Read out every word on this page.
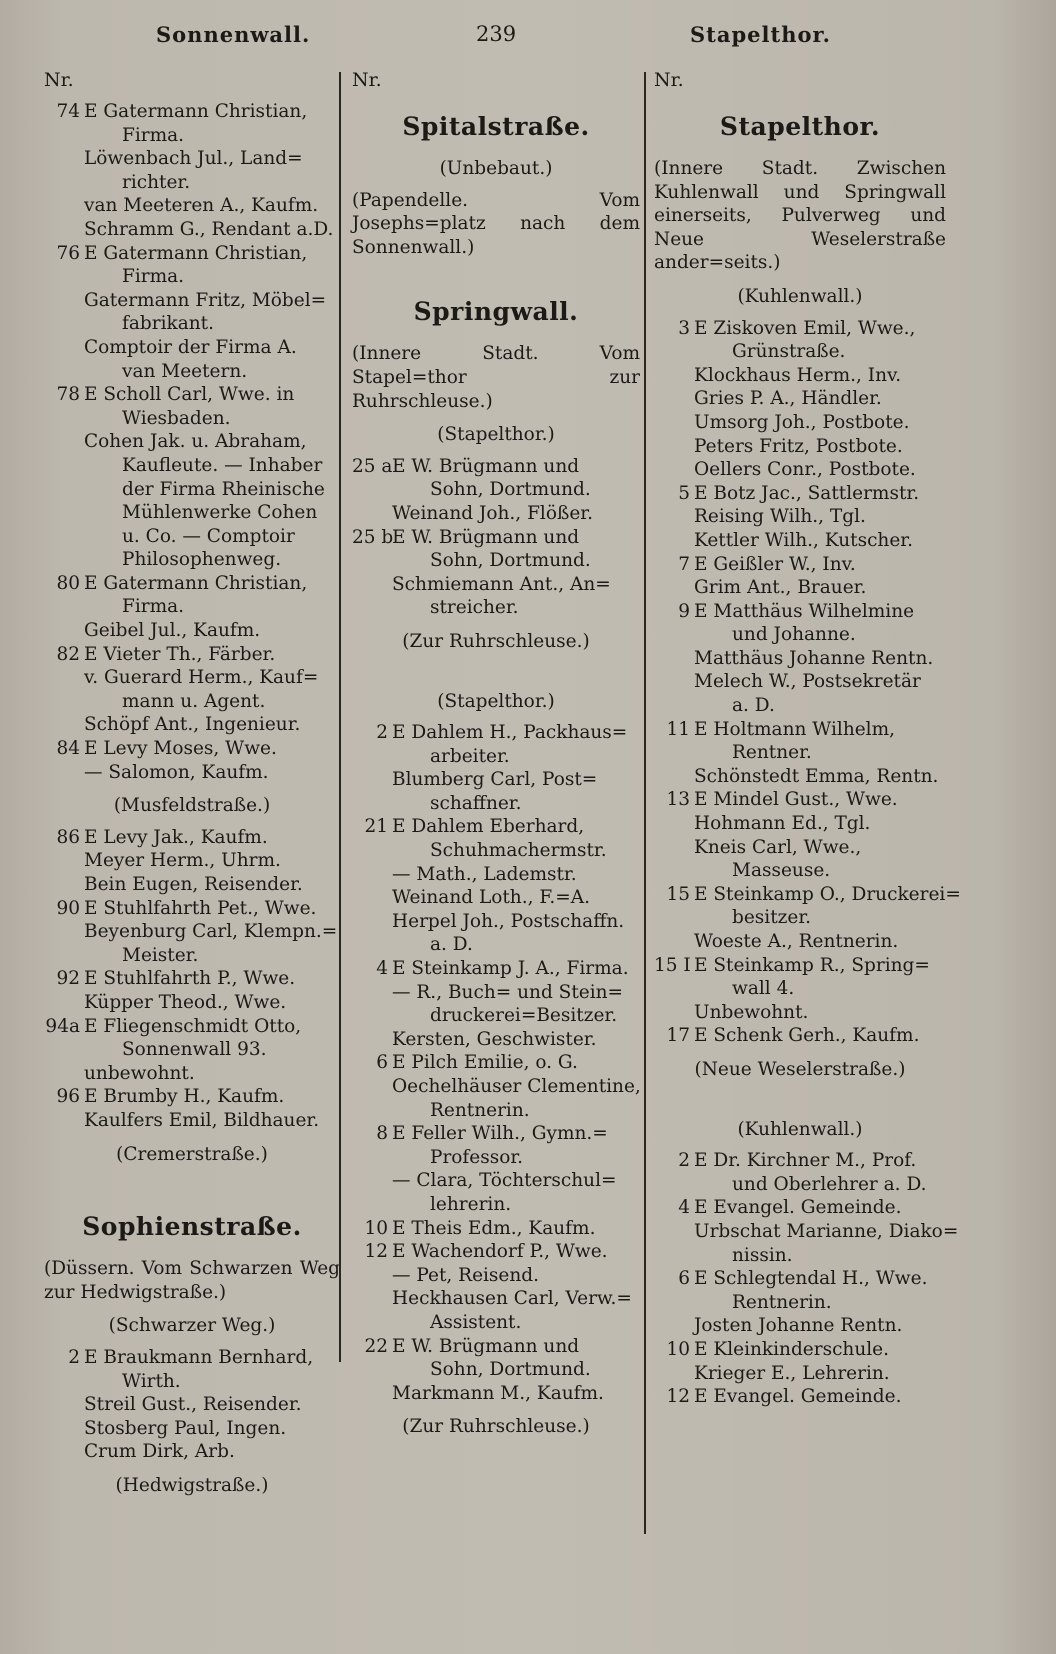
Sonnenwall.	239	Stapelthor.
Nr.
74 E Gatermann Christian,
Firma.
Löwenbach Jul., Land=
richter.
van Meeteren A., Kaufm.
Schramm G., Rendant a.D.
76 E Gatermann Christian,
Firma.
Gatermann Fritz, Möbel=
fabrikant.
Comptoir der Firma A.
van Meetern.
78 E Scholl Carl, Wwe. in
Wiesbaden.
Cohen Jak. u. Abraham,
Kaufleute. — Inhaber
der Firma Rheinische
Mühlenwerke Cohen
u. Co. — Comptoir
Philosophenweg.
80 E Gatermann Christian,
Firma.
Geibel Jul., Kaufm.
82 E Vieter Th., Färber.
v. Guerard Herm., Kauf=
mann u. Agent.
Schöpf Ant., Ingenieur.
84 E Levy Moses, Wwe.
— Salomon, Kaufm.
(Musfeldstraße.)
86 E Levy Jak., Kaufm.
Meyer Herm., Uhrm.
Bein Eugen, Reisender.
90 E Stuhlfahrth Pet., Wwe.
Beyenburg Carl, Klempn.=
Meister.
92 E Stuhlfahrth P., Wwe.
Küpper Theod., Wwe.
94a E Fliegenschmidt Otto,
Sonnenwall 93.
unbewohnt.
96 E Brumby H., Kaufm.
Kaulfers Emil, Bildhauer.
(Cremerstraße.)
Sophienstraße.
(Düssern. Vom Schwarzen Weg zur Hedwigstraße.)
(Schwarzer Weg.)
2 E Braukmann Bernhard,
Wirth.
Streil Gust., Reisender.
Stosberg Paul, Ingen.
Crum Dirk, Arb.
(Hedwigstraße.)
Nr.
Spitalstraße.
(Unbebaut.)
(Papendelle. Vom Josephs=platz nach dem Sonnenwall.)
Springwall.
(Innere Stadt. Vom Stapel=thor zur Ruhrschleuse.)
(Stapelthor.)
25 a E W. Brügmann und
Sohn, Dortmund.
Weinand Joh., Flößer.
25 b
E W. Brügmann und
Sohn, Dortmund.
Schmiemann Ant., An=
streicher.
(Zur Ruhrschleuse.)
(Stapelthor.)
2 E Dahlem H., Packhaus=
arbeiter.
Blumberg Carl, Post=
schaffner.
21 E Dahlem Eberhard,
Schuhmachermstr.
— Math., Lademstr.
Weinand Loth., F.=A.
Herpel Joh., Postschaffn.
a. D.
4 E Steinkamp J. A., Firma.
— R., Buch= und Stein=
druckerei=Besitzer.
Kersten, Geschwister.
6 E Pilch Emilie, o. G.
Oechelhäuser Clementine,
Rentnerin.
8 E Feller Wilh., Gymn.=
Professor.
— Clara, Töchterschul=
lehrerin.
10 E Theis Edm., Kaufm.
12 E Wachendorf P., Wwe.
— Pet, Reisend.
Heckhausen Carl, Verw.=
Assistent.
22 E W. Brügmann und
Sohn, Dortmund.
Markmann M., Kaufm.
(Zur Ruhrschleuse.)
Nr.
Stapelthor.
(Innere Stadt. Zwischen Kuhlenwall und Springwall einerseits, Pulverweg und Neue Weselerstraße ander=seits.)
(Kuhlenwall.)
3 E Ziskoven Emil, Wwe.,
Grünstraße.
Klockhaus Herm., Inv.
Gries P. A., Händler.
Umsorg Joh., Postbote.
Peters Fritz, Postbote.
Oellers Conr., Postbote.
5 E Botz Jac., Sattlermstr.
Reising Wilh., Tgl.
Kettler Wilh., Kutscher.
7 E Geißler W., Inv.
Grim Ant., Brauer.
9 E Matthäus Wilhelmine
und Johanne.
Matthäus Johanne Rentn.
Melech W., Postsekretär
a. D.
11 E Holtmann Wilhelm,
Rentner.
Schönstedt Emma, Rentn.
13 E Mindel Gust., Wwe.
Hohmann Ed., Tgl.
Kneis Carl, Wwe.,
Masseuse.
15 E Steinkamp O., Druckerei=
besitzer.
Woeste A., Rentnerin.
15 I E Steinkamp R., Spring=
wall 4.
Unbewohnt.
17 E Schenk Gerh., Kaufm.
(Neue Weselerstraße.)
(Kuhlenwall.)
2 E Dr. Kirchner M., Prof.
und Oberlehrer a. D.
4 E Evangel. Gemeinde.
Urbschat Marianne, Diako=
nissin.
6 E Schlegtendal H., Wwe.
Rentnerin.
Josten Johanne Rentn.
10 E Kleinkinderschule.
Krieger E., Lehrerin.
12 E Evangel. Gemeinde.
